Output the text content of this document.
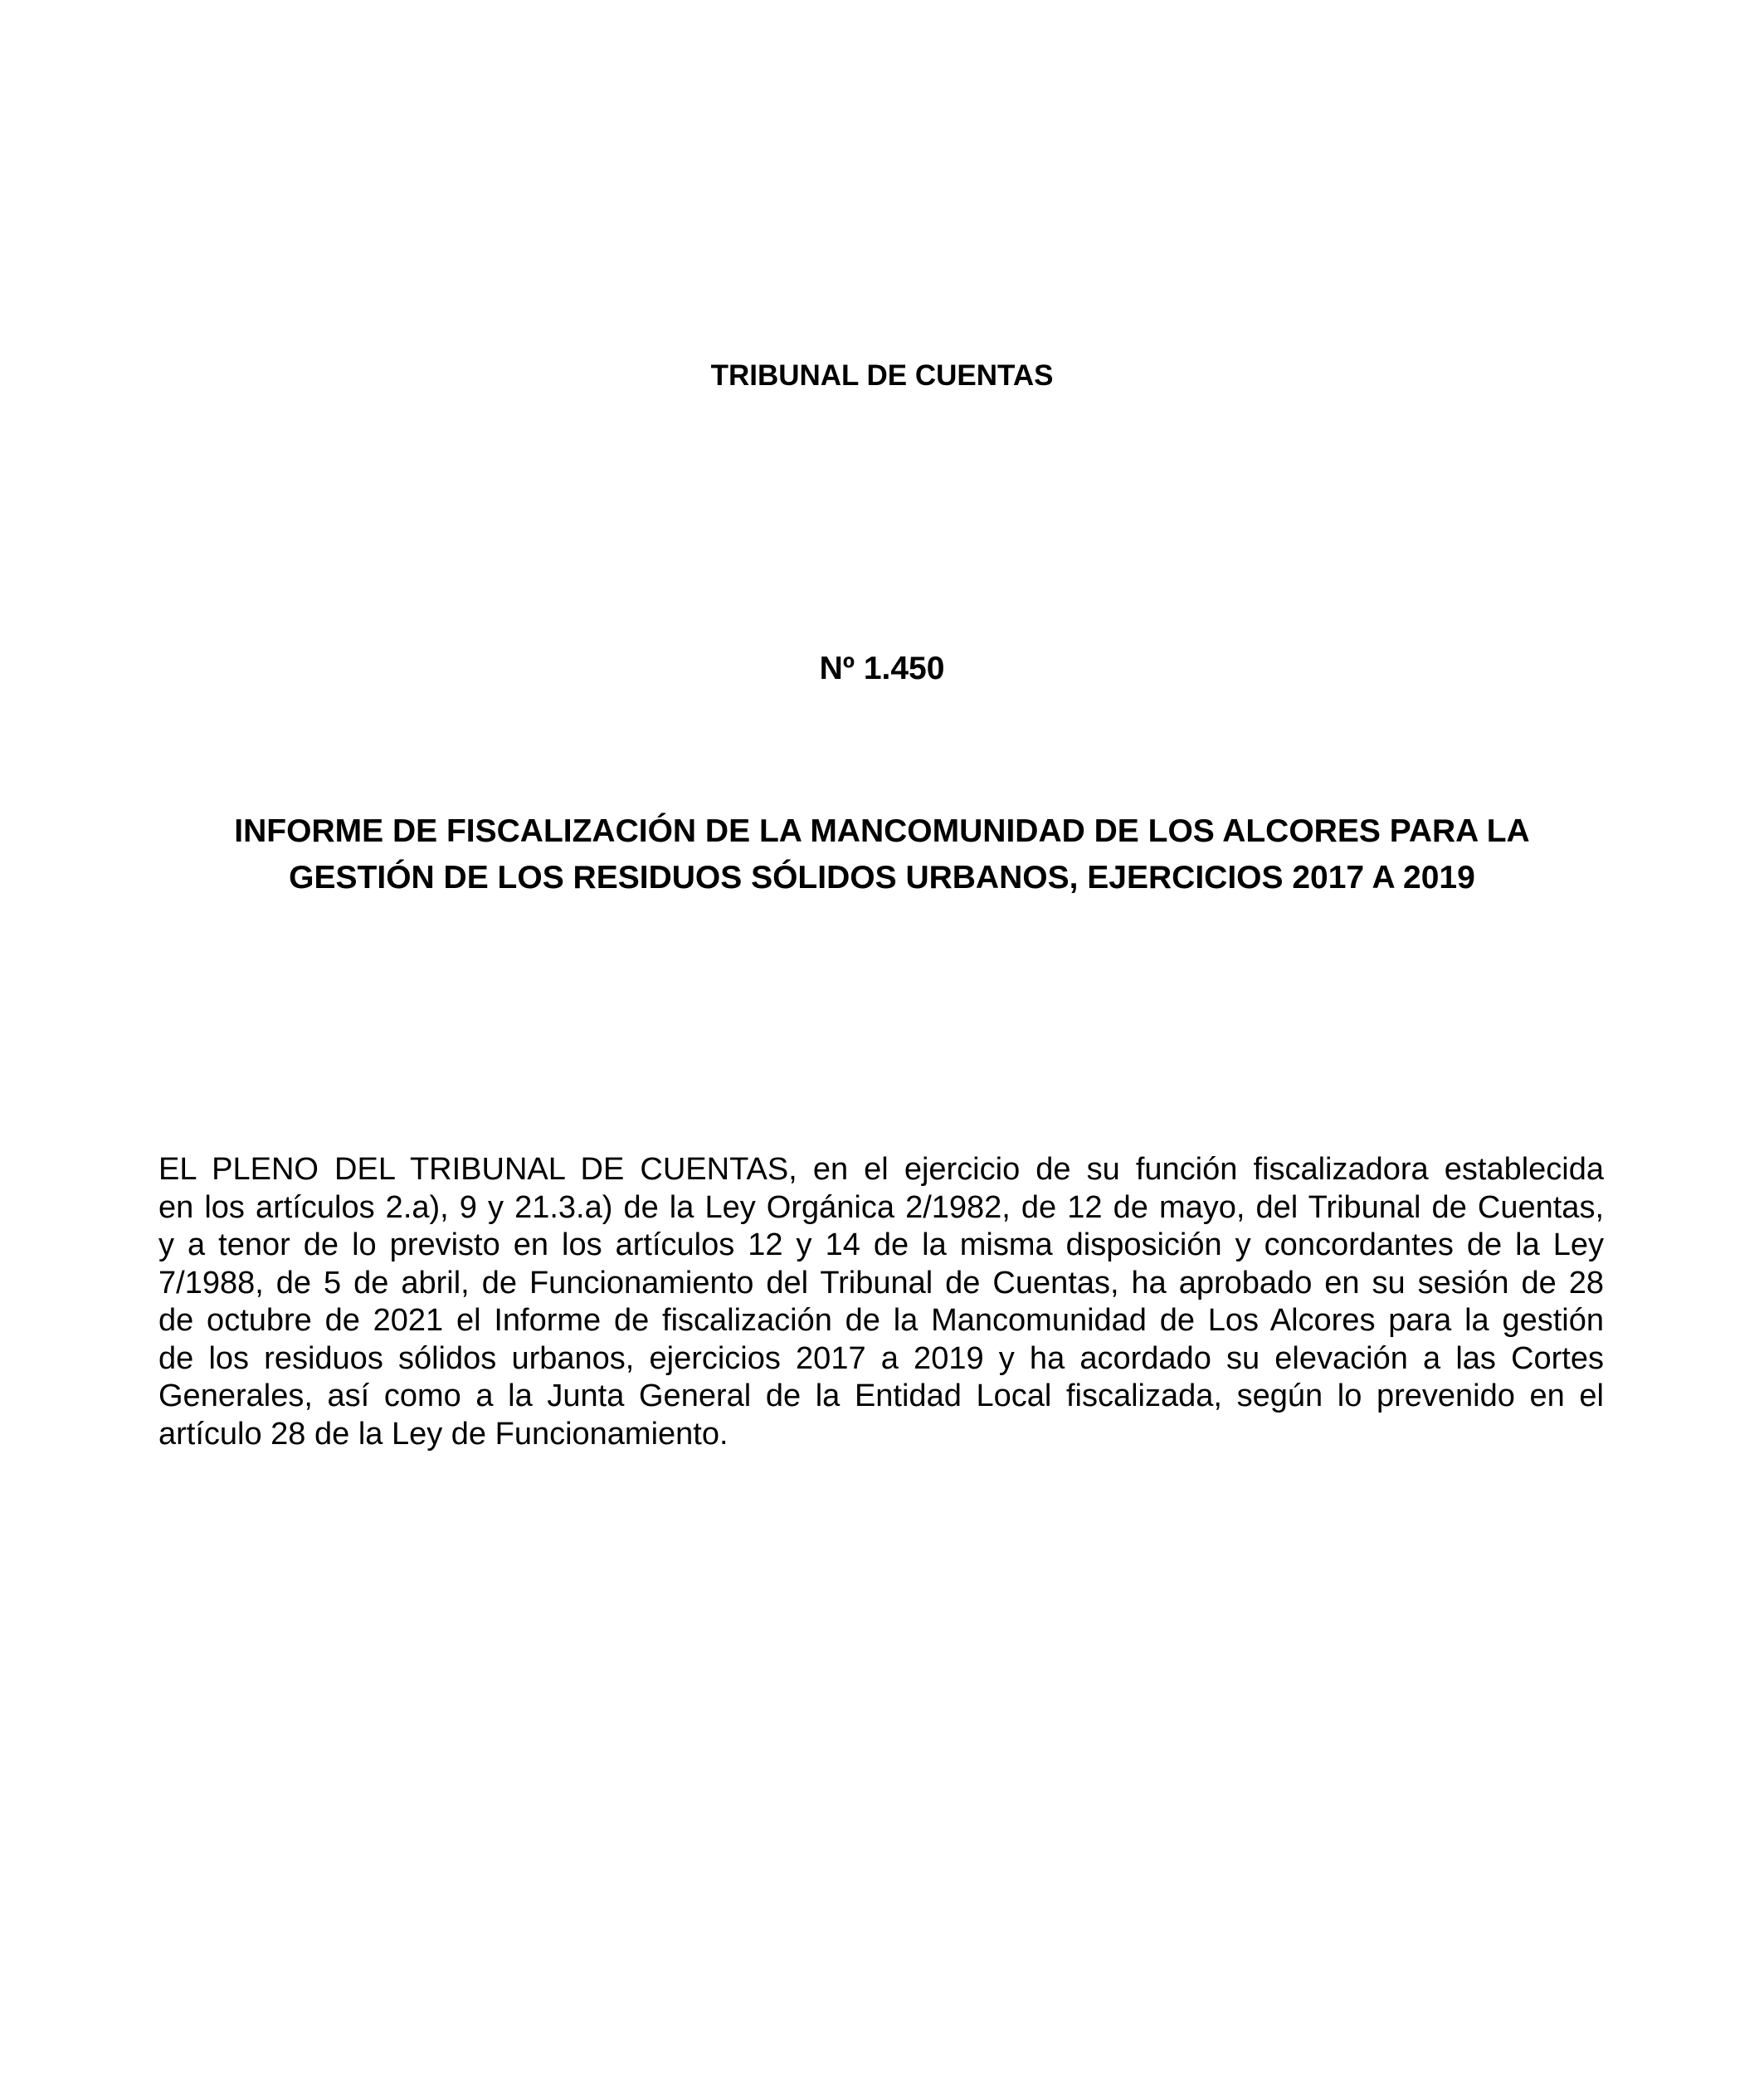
TRIBUNAL DE CUENTAS
Nº 1.450
INFORME DE FISCALIZACIÓN DE LA MANCOMUNIDAD DE LOS ALCORES PARA LA
GESTIÓN DE LOS RESIDUOS SÓLIDOS URBANOS, EJERCICIOS 2017 A 2019
EL PLENO DEL TRIBUNAL DE CUENTAS, en el ejercicio de su función fiscalizadora establecida
en los artículos 2.a), 9 y 21.3.a) de la Ley Orgánica 2/1982, de 12 de mayo, del Tribunal de Cuentas,
y a tenor de lo previsto en los artículos 12 y 14 de la misma disposición y concordantes de la Ley
7/1988, de 5 de abril, de Funcionamiento del Tribunal de Cuentas, ha aprobado en su sesión de 28
de octubre de 2021 el Informe de fiscalización de la Mancomunidad de Los Alcores para la gestión
de los residuos sólidos urbanos, ejercicios 2017 a 2019 y ha acordado su elevación a las Cortes
Generales, así como a la Junta General de la Entidad Local fiscalizada, según lo prevenido en el
artículo 28 de la Ley de Funcionamiento.
